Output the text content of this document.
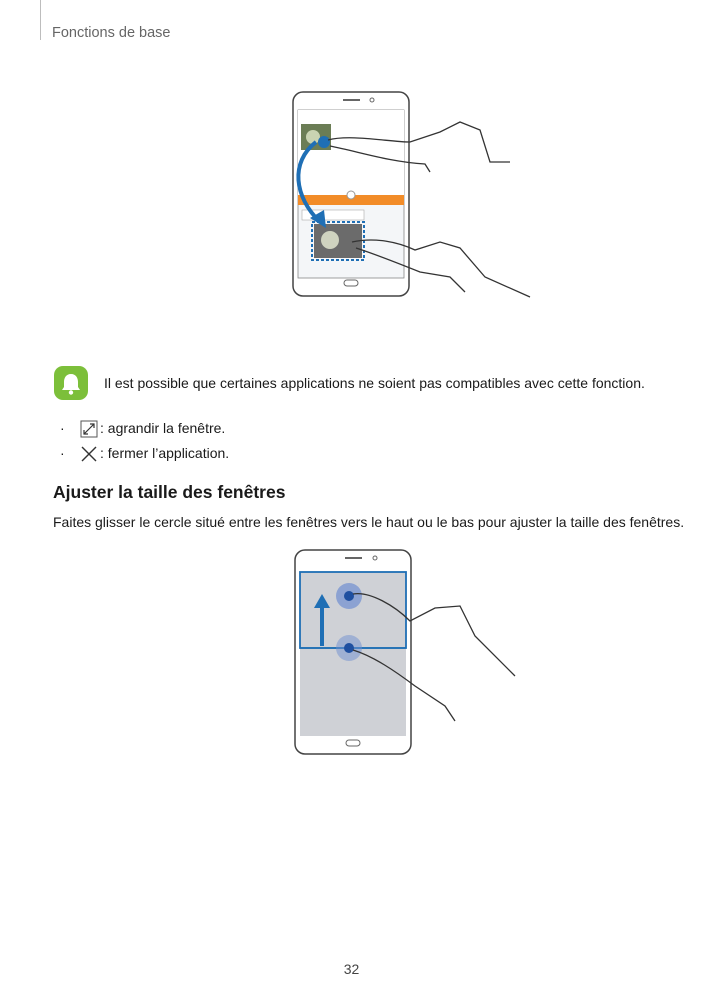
Fonctions de base
Il est possible que certaines applications ne soient pas compatibles avec cette fonction.
·	: agrandir la fenêtre.
·	: fermer l’application.
Ajuster la taille des fenêtres
Faites glisser le cercle situé entre les fenêtres vers le haut ou le bas pour ajuster la taille des fenêtres.
32
